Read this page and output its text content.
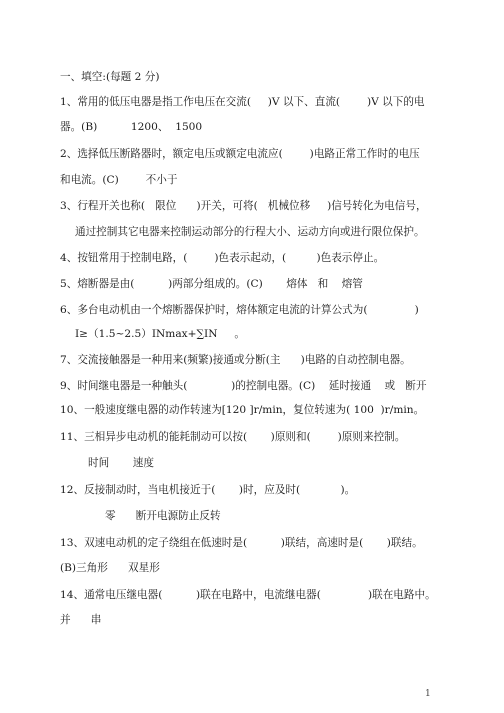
一、填空:(每题 2 分)
1、常用的低压电器是指工作电压在交流(     )V 以下、直流(        )V 以下的电
器。(B)          1200、  1500
2、选择低压断路器时，额定电压或额定电流应(        )电路正常工作时的电压
和电流。(C)        不小于
3、行程开关也称(   限位      )开关，可将(   机械位移     )信号转化为电信号，
通过控制其它电器来控制运动部分的行程大小、运动方向或进行限位保护。
4、按钮常用于控制电路，(        )色表示起动，(         )色表示停止。
5、熔断器是由(          )两部分组成的。(C)       熔体   和    熔管
6、多台电动机由一个熔断器保护时，熔体额定电流的计算公式为(              )
I≥（1.5~2.5）INmax+∑IN     。
7、交流接触器是一种用来(频繁)接通或分断(主      )电路的自动控制电器。
9、时间继电器是一种触头(             )的控制电器。(C)    延时接通    或   断开
10、一般速度继电器的动作转速为[120 ]r/min，复位转速为( 100  )r/min。
11、三相异步电动机的能耗制动可以按(       )原则和(        )原则来控制。
时间       速度
12、反接制动时，当电机接近于(       )时，应及时(            )。
零      断开电源防止反转
13、双速电动机的定子绕组在低速时是(          )联结，高速时是(       )联结。
(B)三角形      双星形
14、通常电压继电器(          )联在电路中，电流继电器(              )联在电路中。
并      串
1
